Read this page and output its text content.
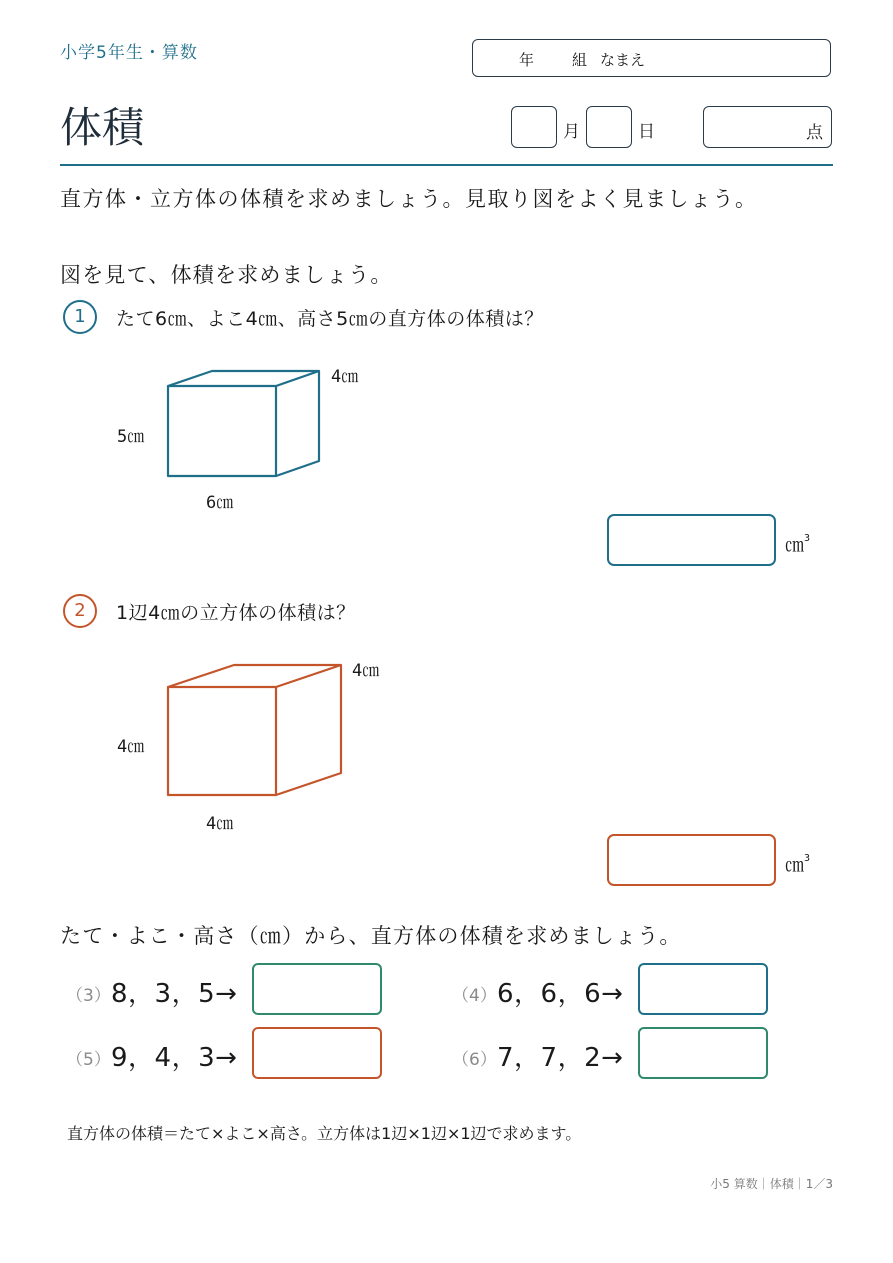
小学5年生・算数	年	組 なまえ
体積	月	日	点
直方体・立方体の体積を求めましょう。見取り図をよく見ましょう。
図を見て、体積を求めましょう。
1	たて6㎝、よこ4㎝、高さ5㎝の直方体の体積は？
4㎝
5㎝
6㎝
㎝$^3$
2	1辺4㎝の立方体の体積は？
4㎝
4㎝
4㎝
㎝$^3$
たて・よこ・高さ（㎝）から、直方体の体積を求めましょう。
（3） 8，3，5→	（4） 6，6，6→
（5） 9，4，3→	（6） 7，7，2→
直方体の体積＝たて×よこ×高さ。立方体は1辺×1辺×1辺で求めます。
小5 算数｜体積｜1／3
